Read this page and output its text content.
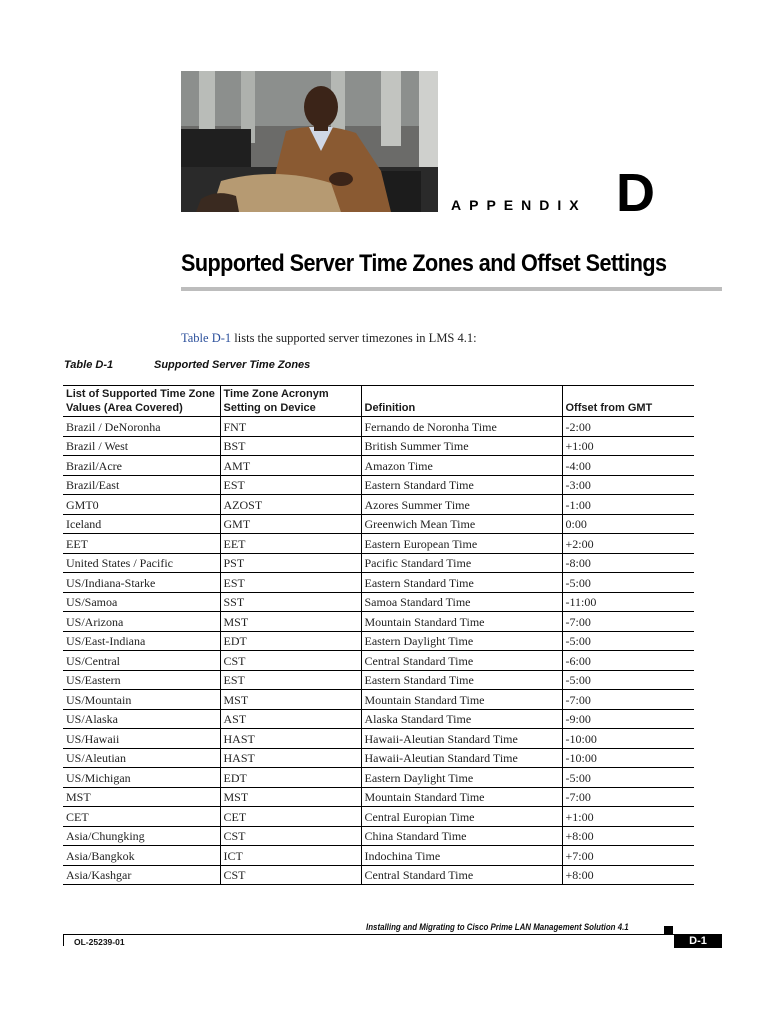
APPENDIX D
Supported Server Time Zones and Offset Settings
Table D-1 lists the supported server timezones in LMS 4.1:
Table D-1	Supported Server Time Zones
List of Supported Time Zone Values (Area Covered)	Time Zone Acronym Setting on Device	Definition	Offset from GMT
Brazil / DeNoronha	FNT	Fernando de Noronha Time	-2:00
Brazil / West	BST	British Summer Time	+1:00
Brazil/Acre	AMT	Amazon Time	-4:00
Brazil/East	EST	Eastern Standard Time	-3:00
GMT0	AZOST	Azores Summer Time	-1:00
Iceland	GMT	Greenwich Mean Time	0:00
EET	EET	Eastern European Time	+2:00
United States / Pacific	PST	Pacific Standard Time	-8:00
US/Indiana-Starke	EST	Eastern Standard Time	-5:00
US/Samoa	SST	Samoa Standard Time	-11:00
US/Arizona	MST	Mountain Standard Time	-7:00
US/East-Indiana	EDT	Eastern Daylight Time	-5:00
US/Central	CST	Central Standard Time	-6:00
US/Eastern	EST	Eastern Standard Time	-5:00
US/Mountain	MST	Mountain Standard Time	-7:00
US/Alaska	AST	Alaska Standard Time	-9:00
US/Hawaii	HAST	Hawaii-Aleutian Standard Time	-10:00
US/Aleutian	HAST	Hawaii-Aleutian Standard Time	-10:00
US/Michigan	EDT	Eastern Daylight Time	-5:00
MST	MST	Mountain Standard Time	-7:00
CET	CET	Central Europian Time	+1:00
Asia/Chungking	CST	China Standard Time	+8:00
Asia/Bangkok	ICT	Indochina Time	+7:00
Asia/Kashgar	CST	Central Standard Time	+8:00
Installing and Migrating to Cisco Prime LAN Management Solution 4.1
OL-25239-01	D-1
